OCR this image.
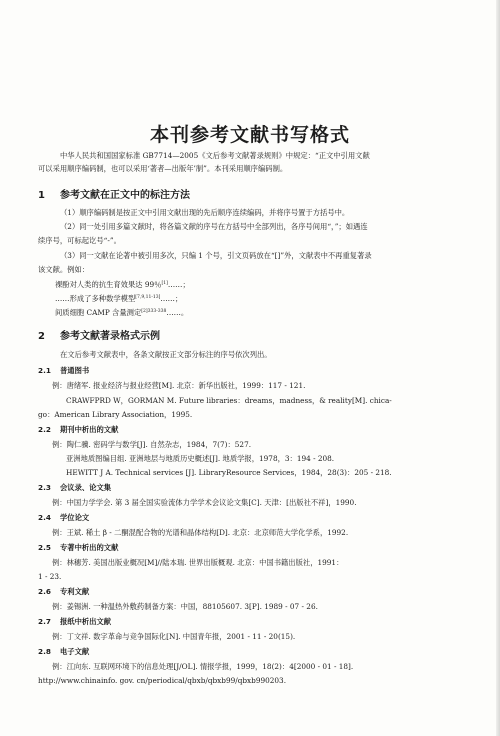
本刊参考文献书写格式
中华人民共和国国家标准 GB7714—2005《文后参考文献著录规则》中规定：“正文中引用文献
可以采用顺序编码制，也可以采用‘著者—出版年’制”。本刊采用顺序编码制。
1 参考文献在正文中的标注方法
（1）顺序编码制是按正文中引用文献出现的先后顺序连续编码，并将序号置于方括号中。
（2）同一处引用多篇文献时，将各篇文献的序号在方括号中全部列出，各序号间用“，”；如遇连
续序号，可标起讫号“-”。
（3）同一文献在论著中被引用多次，只编 1 个号，引文页码放在“[]”外，文献表中不再重复著录
该文献。例如：
裸酚对人类的抗生育效果达 99％[1]……；
……形成了多种数学模型[7,9,11-13]……；
间质细胞 CAMP 含量测定$^{[2]333-338}$……。
2 参考文献著录格式示例
在文后参考文献表中，各条文献按正文部分标注的序号依次列出。
2.1 普通图书
例：唐绪军. 报业经济与报业经营[M]. 北京：新华出版社，1999：117 - 121.
CRAWFPRD W，GORMAN M. Future libraries：dreams，madness，& reality[M]. chica-
go：American Library Association，1995.
2.2 期刊中析出的文献
例：陶仁骥. 密码学与数学[J]. 自然杂志，1984，7(7)：527.
亚洲地质图编目组. 亚洲地层与地质历史概述[J]. 地质学报，1978，3：194 - 208.
HEWITT J A. Technical services [J]. LibraryResource Services，1984，28(3)：205 - 218.
2.3 会议录、论文集
例：中国力学学会. 第 3 届全国实验流体力学学术会议论文集[C]. 天津：[出版社不祥]，1990.
2.4 学位论文
例：王斌. 稀土 β - 二酮混配合物的光谱和晶体结构[D]. 北京：北京师范大学化学系，1992.
2.5 专著中析出的文献
例：林穗芳. 美国出版业概况[M]//陆本瑞. 世界出版概观. 北京：中国书籍出版社，1991：
1 - 23.
2.6 专利文献
例：姜锡洲. 一种温热外敷药制备方案：中国，88105607. 3[P]. 1989 - 07 - 26.
2.7 报纸中析出文献
例：丁文祥. 数字革命与竞争国际化[N]. 中国青年报，2001 - 11 - 20(15).
2.8 电子文献
例：江向东. 互联网环境下的信息处理[J/OL]. 情报学报，1999，18(2)：4[2000 - 01 - 18].
http://www.chinainfo. gov. cn/periodical/qbxb/qbxb99/qbxb990203.
